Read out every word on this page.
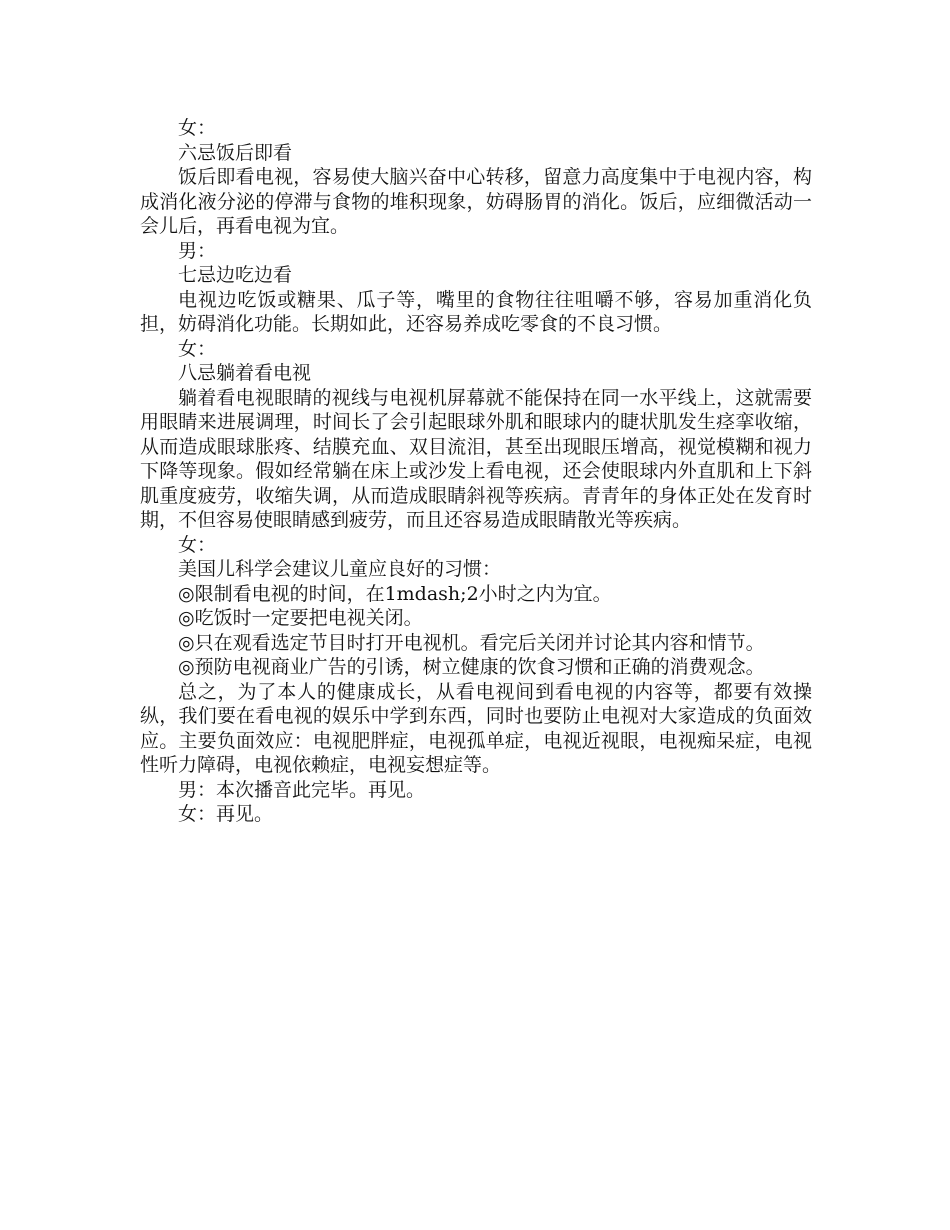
女：

六忌饭后即看

饭后即看电视，容易使大脑兴奋中心转移，留意力高度集中于电视内容，构成消化液分泌的停滞与食物的堆积现象，妨碍肠胃的消化。饭后，应细微活动一会儿后，再看电视为宜。

男：

七忌边吃边看

电视边吃饭或糖果、瓜子等，嘴里的食物往往咀嚼不够，容易加重消化负担，妨碍消化功能。长期如此，还容易养成吃零食的不良习惯。

女：

八忌躺着看电视

躺着看电视眼睛的视线与电视机屏幕就不能保持在同一水平线上，这就需要用眼睛来进展调理，时间长了会引起眼球外肌和眼球内的睫状肌发生痉挛收缩，从而造成眼球胀疼、结膜充血、双目流泪，甚至出现眼压增高，视觉模糊和视力下降等现象。假如经常躺在床上或沙发上看电视，还会使眼球内外直肌和上下斜肌重度疲劳，收缩失调，从而造成眼睛斜视等疾病。青青年的身体正处在发育时期，不但容易使眼睛感到疲劳，而且还容易造成眼睛散光等疾病。

女：

美国儿科学会建议儿童应良好的习惯：

◎限制看电视的时间，在1mdash;2小时之内为宜。

◎吃饭时一定要把电视关闭。

◎只在观看选定节目时打开电视机。看完后关闭并讨论其内容和情节。

◎预防电视商业广告的引诱，树立健康的饮食习惯和正确的消费观念。

总之，为了本人的健康成长，从看电视间到看电视的内容等，都要有效操纵，我们要在看电视的娱乐中学到东西，同时也要防止电视对大家造成的负面效应。主要负面效应：电视肥胖症，电视孤单症，电视近视眼，电视痴呆症，电视性听力障碍，电视依赖症，电视妄想症等。

男：本次播音此完毕。再见。

女：再见。
